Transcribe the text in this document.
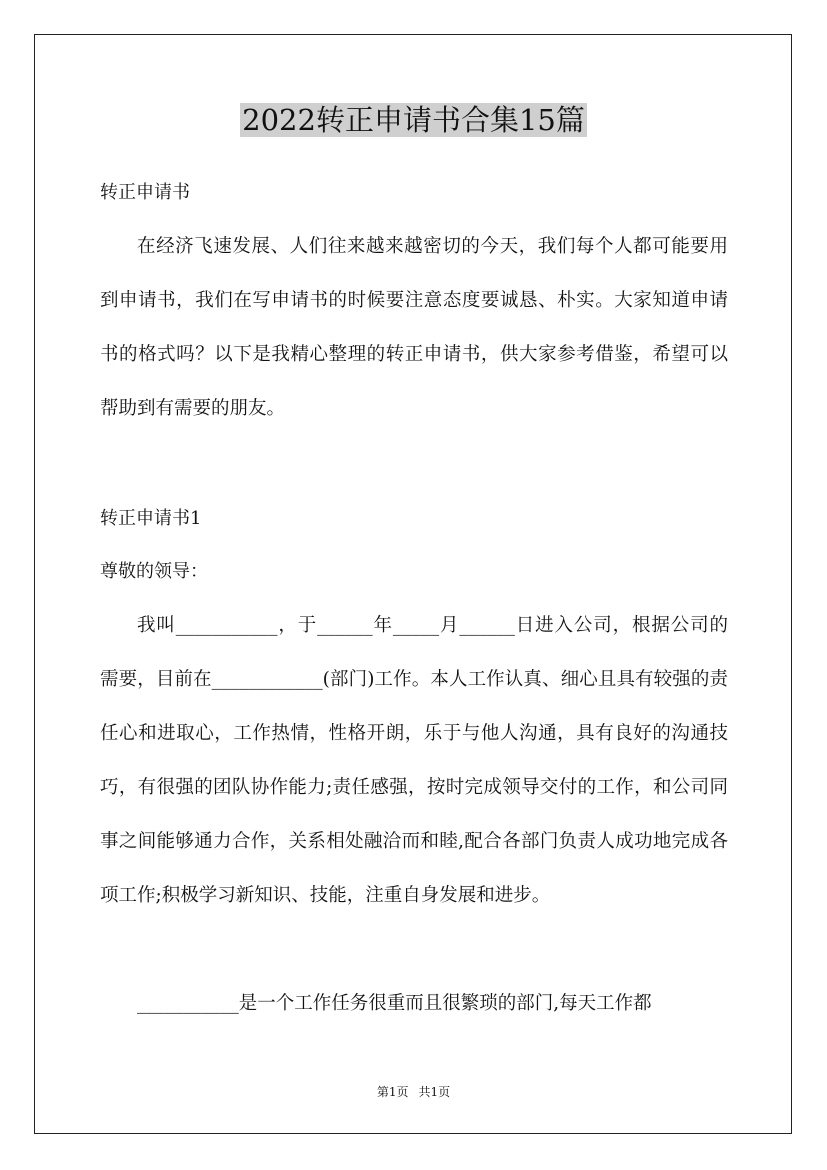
2022转正申请书合集15篇

转正申请书

在经济飞速发展、人们往来越来越密切的今天，我们每个人都可能要用到申请书，我们在写申请书的时候要注意态度要诚恳、朴实。大家知道申请书的格式吗？以下是我精心整理的转正申请书，供大家参考借鉴，希望可以帮助到有需要的朋友。

转正申请书1

尊敬的领导：

我叫___________，于______年_____月______日进入公司，根据公司的需要，目前在____________(部门)工作。本人工作认真、细心且具有较强的责任心和进取心，工作热情，性格开朗，乐于与他人沟通，具有良好的沟通技巧，有很强的团队协作能力;责任感强，按时完成领导交付的工作，和公司同事之间能够通力合作，关系相处融洽而和睦,配合各部门负责人成功地完成各项工作;积极学习新知识、技能，注重自身发展和进步。

___________是一个工作任务很重而且很繁琐的部门,每天工作都

第1页 共1页
